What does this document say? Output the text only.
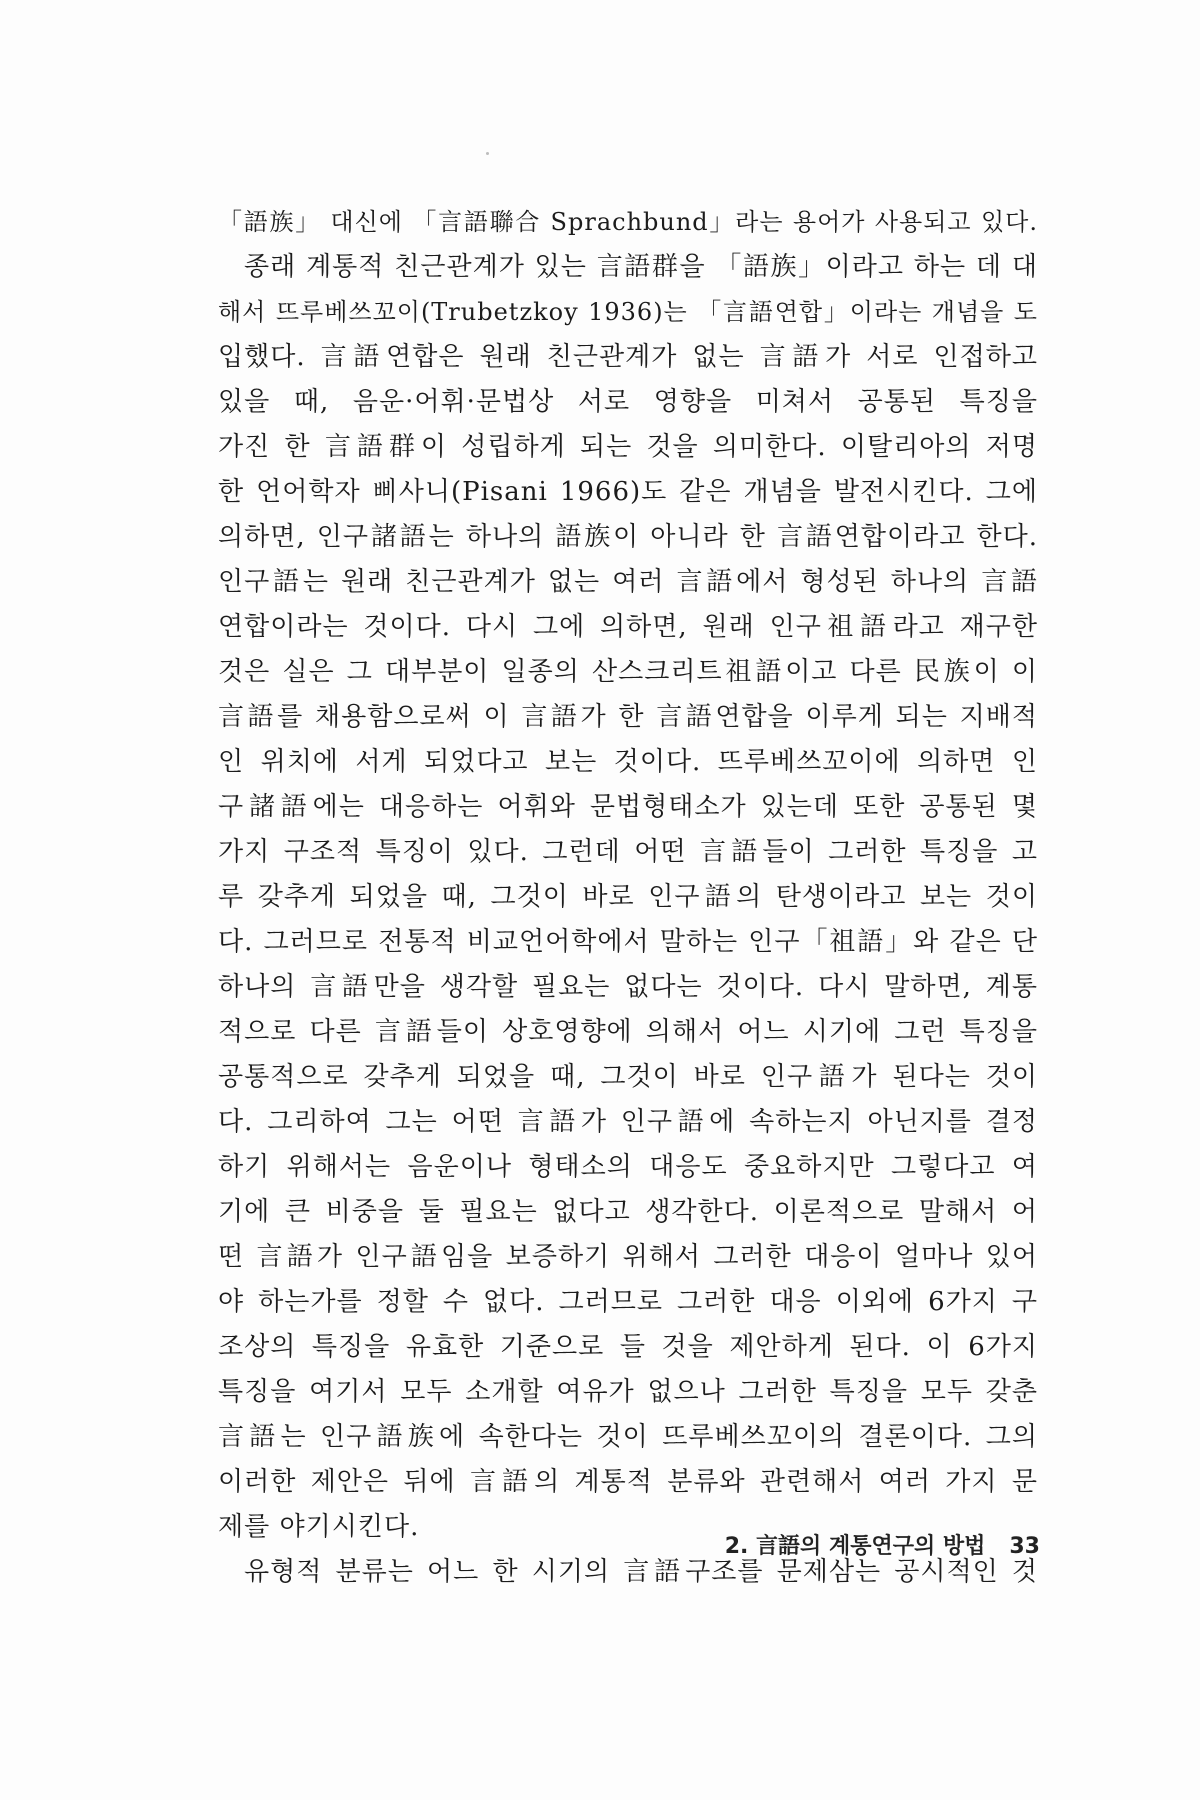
「語族」 대신에 「言語聯合 Sprachbund」라는 용어가 사용되고 있다.
종래 계통적 친근관계가 있는 言語群을 「語族」이라고 하는 데 대
해서 뜨루베쓰꼬이(Trubetzkoy 1936)는 「言語연합」이라는 개념을 도
입했다. 言語연합은 원래 친근관계가 없는 言語가 서로 인접하고
있을 때, 음운·어휘·문법상 서로 영향을 미쳐서 공통된 특징을
가진 한 言語群이 성립하게 되는 것을 의미한다. 이탈리아의 저명
한 언어학자 삐사니(Pisani 1966)도 같은 개념을 발전시킨다. 그에
의하면, 인구諸語는 하나의 語族이 아니라 한 言語연합이라고 한다.
인구語는 원래 친근관계가 없는 여러 言語에서 형성된 하나의 言語
연합이라는 것이다. 다시 그에 의하면, 원래 인구祖語라고 재구한
것은 실은 그 대부분이 일종의 산스크리트祖語이고 다른 民族이 이
言語를 채용함으로써 이 言語가 한 言語연합을 이루게 되는 지배적
인 위치에 서게 되었다고 보는 것이다. 뜨루베쓰꼬이에 의하면 인
구諸語에는 대응하는 어휘와 문법형태소가 있는데 또한 공통된 몇
가지 구조적 특징이 있다. 그런데 어떤 言語들이 그러한 특징을 고
루 갖추게 되었을 때, 그것이 바로 인구語의 탄생이라고 보는 것이
다. 그러므로 전통적 비교언어학에서 말하는 인구「祖語」와 같은 단
하나의 言語만을 생각할 필요는 없다는 것이다. 다시 말하면, 계통
적으로 다른 言語들이 상호영향에 의해서 어느 시기에 그런 특징을
공통적으로 갖추게 되었을 때, 그것이 바로 인구語가 된다는 것이
다. 그리하여 그는 어떤 言語가 인구語에 속하는지 아닌지를 결정
하기 위해서는 음운이나 형태소의 대응도 중요하지만 그렇다고 여
기에 큰 비중을 둘 필요는 없다고 생각한다. 이론적으로 말해서 어
떤 言語가 인구語임을 보증하기 위해서 그러한 대응이 얼마나 있어
야 하는가를 정할 수 없다. 그러므로 그러한 대응 이외에 6가지 구
조상의 특징을 유효한 기준으로 들 것을 제안하게 된다. 이 6가지
특징을 여기서 모두 소개할 여유가 없으나 그러한 특징을 모두 갖춘
言語는 인구語族에 속한다는 것이 뜨루베쓰꼬이의 결론이다. 그의
이러한 제안은 뒤에 言語의 계통적 분류와 관련해서 여러 가지 문
제를 야기시킨다.
유형적 분류는 어느 한 시기의 言語구조를 문제삼는 공시적인 것
2. 言語의 계통연구의 방법 33
